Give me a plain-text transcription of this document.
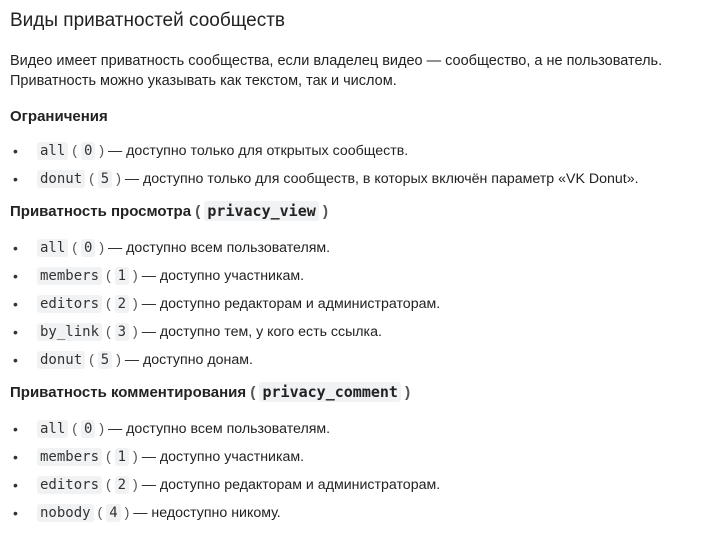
Виды приватностей сообществ

Видео имеет приватность сообщества, если владелец видео — сообщество, а не пользователь.
Приватность можно указывать как текстом, так и числом.

Ограничения
• all ( 0 ) — доступно только для открытых сообществ.
• donut ( 5 ) — доступно только для сообществ, в которых включён параметр «VK Donut».
Приватность просмотра ( privacy_view )
• all ( 0 ) — доступно всем пользователям.
• members ( 1 ) — доступно участникам.
• editors ( 2 ) — доступно редакторам и администраторам.
• by_link ( 3 ) — доступно тем, у кого есть ссылка.
• donut ( 5 ) — доступно донам.
Приватность комментирования ( privacy_comment )
• all ( 0 ) — доступно всем пользователям.
• members ( 1 ) — доступно участникам.
• editors ( 2 ) — доступно редакторам и администраторам.
• nobody ( 4 ) — недоступно никому.
